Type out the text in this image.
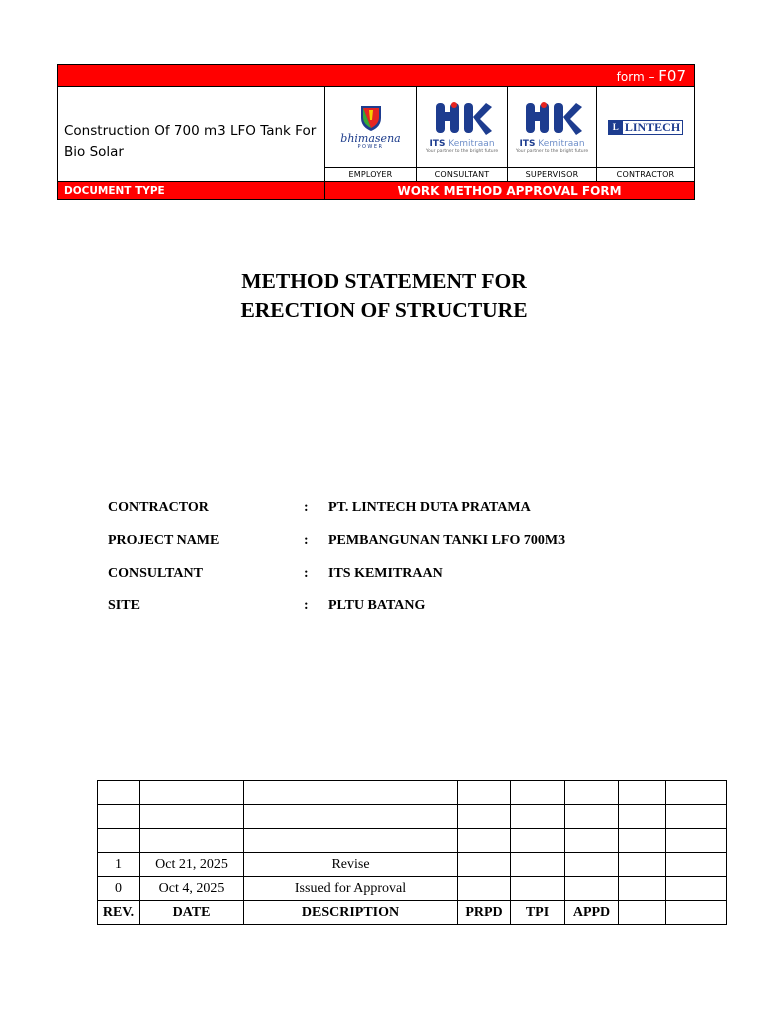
form – F07
Construction Of 700 m3 LFO Tank For Bio Solar
bhimasena
POWER	ITS Kemitraan
Your partner to the bright future
ITS Kemitraan
Your partner to the bright future
L LINTECH
EMPLOYER	CONSULTANT	SUPERVISOR	CONTRACTOR
DOCUMENT TYPE	WORK METHOD APPROVAL FORM
METHOD STATEMENT FOR
ERECTION OF STRUCTURE
CONTRACTOR	: PT. LINTECH DUTA PRATAMA
PROJECT NAME	: PEMBANGUNAN TANKI LFO 700M3
CONSULTANT	: ITS KEMITRAAN
SITE	: PLTU BATANG

1	Oct 21, 2025	Revise					
0	Oct 4, 2025	Issued for Approval					
REV.	DATE	DESCRIPTION	PRPD	TPI	APPD		
